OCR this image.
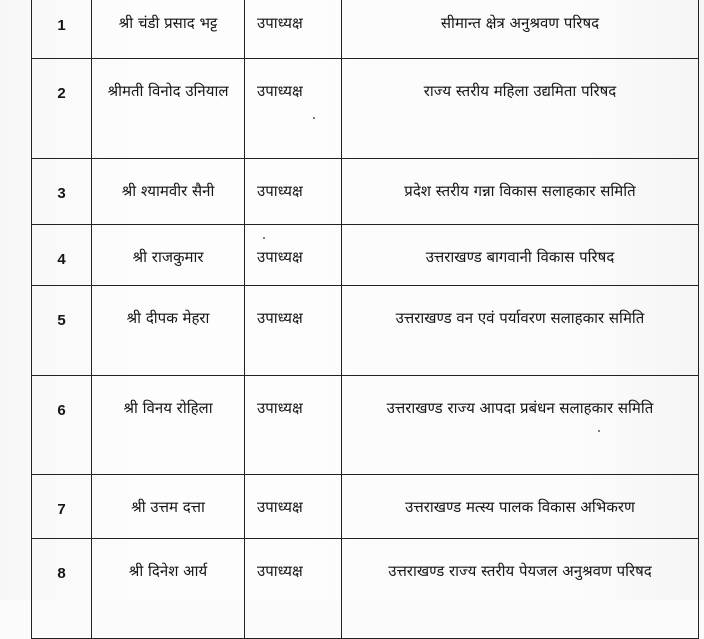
1	श्री चंडी प्रसाद भट्ट	उपाध्यक्ष	सीमान्त क्षेत्र अनुश्रवण परिषद

2	श्रीमती विनोद उनियाल	उपाध्यक्ष	राज्य स्तरीय महिला उद्यमिता परिषद

3	श्री श्यामवीर सैनी	उपाध्यक्ष	प्रदेश स्तरीय गन्ना विकास सलाहकार समिति

4	श्री राजकुमार	उपाध्यक्ष	उत्तराखण्ड बागवानी विकास परिषद

5	श्री दीपक मेहरा	उपाध्यक्ष	उत्तराखण्ड वन एवं पर्यावरण सलाहकार समिति

6	श्री विनय रोहिला	उपाध्यक्ष	उत्तराखण्ड राज्य आपदा प्रबंधन सलाहकार समिति

7	श्री उत्तम दत्ता	उपाध्यक्ष	उत्तराखण्ड मत्स्य पालक विकास अभिकरण

8	श्री दिनेश आर्य	उपाध्यक्ष	उत्तराखण्ड राज्य स्तरीय पेयजल अनुश्रवण परिषद
